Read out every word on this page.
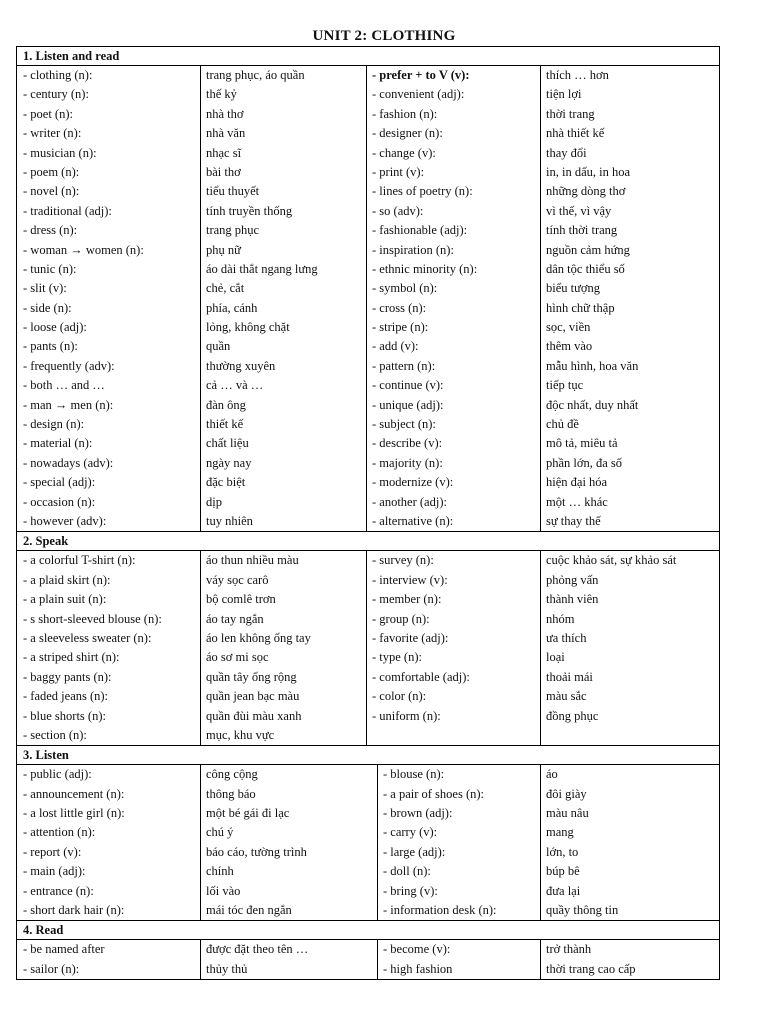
UNIT 2: CLOTHING
1. Listen and read
- clothing (n):	trang phục, áo quần	- prefer + to V (v):	thích … hơn
- century (n):	thế kỷ	- convenient (adj):	tiện lợi
- poet (n):	nhà thơ	- fashion (n):	thời trang
- writer (n):	nhà văn	- designer (n):	nhà thiết kế
- musician (n):	nhạc sĩ	- change (v):	thay đổi
- poem (n):	bài thơ	- print (v):	in, in dấu, in hoa
- novel (n):	tiểu thuyết	- lines of poetry (n):	những dòng thơ
- traditional (adj):	tính truyền thống	- so (adv):	vì thế, vì vậy
- dress (n):	trang phục	- fashionable (adj):	tính thời trang
- woman → women (n):	phụ nữ	- inspiration (n):	nguồn cảm hứng
- tunic (n):	áo dài thắt ngang lưng	- ethnic minority (n):	dân tộc thiểu số
- slit (v):	chẻ, cắt	- symbol (n):	biểu tượng
- side (n):	phía, cánh	- cross (n):	hình chữ thập
- loose (adj):	lỏng, không chặt	- stripe (n):	sọc, viền
- pants (n):	quần	- add (v):	thêm vào
- frequently (adv):	thường xuyên	- pattern (n):	mẫu hình, hoa văn
- both … and …	cả … và …	- continue (v):	tiếp tục
- man → men (n):	đàn ông	- unique (adj):	độc nhất, duy nhất
- design (n):	thiết kế	- subject (n):	chủ đề
- material (n):	chất liệu	- describe (v):	mô tả, miêu tả
- nowadays (adv):	ngày nay	- majority (n):	phần lớn, đa số
- special (adj):	đặc biệt	- modernize (v):	hiện đại hóa
- occasion (n):	dịp	- another (adj):	một … khác
- however (adv):	tuy nhiên	- alternative (n):	sự thay thế
2. Speak
- a colorful T-shirt (n):	áo thun nhiều màu	- survey (n):	cuộc khảo sát, sự khảo sát
- a plaid skirt (n):	váy sọc carô	- interview (v):	phỏng vấn
- a plain suit (n):	bộ comlê trơn	- member (n):	thành viên
- s short-sleeved blouse (n):	áo tay ngắn	- group (n):	nhóm
- a sleeveless sweater (n):	áo len không ống tay	- favorite (adj):	ưa thích
- a striped shirt (n):	áo sơ mi sọc	- type (n):	loại
- baggy pants (n):	quần tây ống rộng	- comfortable (adj):	thoải mái
- faded jeans (n):	quần jean bạc màu	- color (n):	màu sắc
- blue shorts (n):	quần đùi màu xanh	- uniform (n):	đồng phục
- section (n):	mục, khu vực
3. Listen
- public (adj):	công cộng	- blouse (n):	áo
- announcement (n):	thông báo	- a pair of shoes (n):	đôi giày
- a lost little girl (n):	một bé gái đi lạc	- brown (adj):	màu nâu
- attention (n):	chú ý	- carry (v):	mang
- report (v):	báo cáo, tường trình	- large (adj):	lớn, to
- main (adj):	chính	- doll (n):	búp bê
- entrance (n):	lối vào	- bring (v):	đưa lại
- short dark hair (n):	mái tóc đen ngắn	- information desk (n):	quầy thông tin
4. Read
- be named after	được đặt theo tên …	- become (v):	trở thành
- sailor (n):	thủy thủ	- high fashion	thời trang cao cấp
